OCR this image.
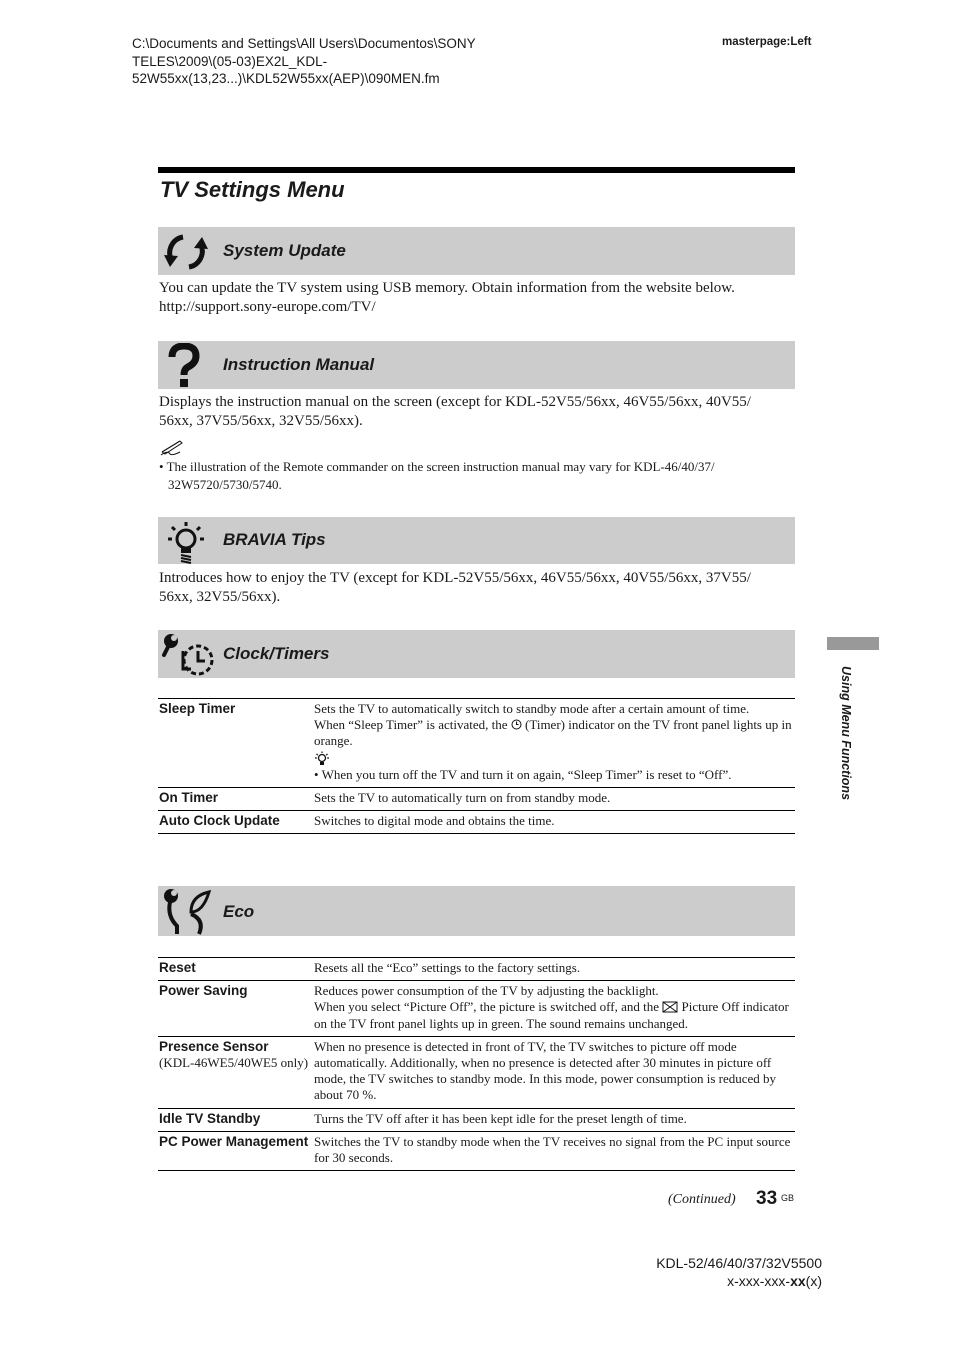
C:\Documents and Settings\All Users\Documentos\SONY
TELES\2009\(05-03)EX2L_KDL-
52W55xx(13,23...)\KDL52W55xx(AEP)\090MEN.fm
masterpage:Left
TV Settings Menu
System Update
You can update the TV system using USB memory. Obtain information from the website below.
http://support.sony-europe.com/TV/
Instruction Manual
Displays the instruction manual on the screen (except for KDL-52V55/56xx, 46V55/56xx, 40V55/
56xx, 37V55/56xx, 32V55/56xx).
• The illustration of the Remote commander on the screen instruction manual may vary for KDL-46/40/37/
32W5720/5730/5740.
BRAVIA Tips
Introduces how to enjoy the TV (except for KDL-52V55/56xx, 46V55/56xx, 40V55/56xx, 37V55/
56xx, 32V55/56xx).
Clock/Timers
Sleep Timer	Sets the TV to automatically switch to standby mode after a certain amount of time.
When “Sleep Timer” is activated, the  (Timer) indicator on the TV front panel lights up in orange.
• When you turn off the TV and turn it on again, “Sleep Timer” is reset to “Off”.

On Timer	Sets the TV to automatically turn on from standby mode.
Auto Clock Update	Switches to digital mode and obtains the time.
Eco
Reset	Resets all the “Eco” settings to the factory settings.
Power Saving	Reduces power consumption of the TV by adjusting the backlight.
When you select “Picture Off”, the picture is switched off, and the  Picture Off indicator on the TV front panel lights up in green. The sound remains unchanged.

Presence Sensor
(KDL-46WE5/40WE5 only)	When no presence is detected in front of TV, the TV switches to picture off mode automatically. Additionally, when no presence is detected after 30 minutes in picture off mode, the TV switches to standby mode. In this mode, power consumption is reduced by about 70 %.
Idle TV Standby	Turns the TV off after it has been kept idle for the preset length of time.
PC Power Management	Switches the TV to standby mode when the TV receives no signal from the PC input source for 30 seconds.
Using Menu Functions
(Continued) 33 GB
KDL-52/46/40/37/32V5500
x-xxx-xxx-xx(x)
